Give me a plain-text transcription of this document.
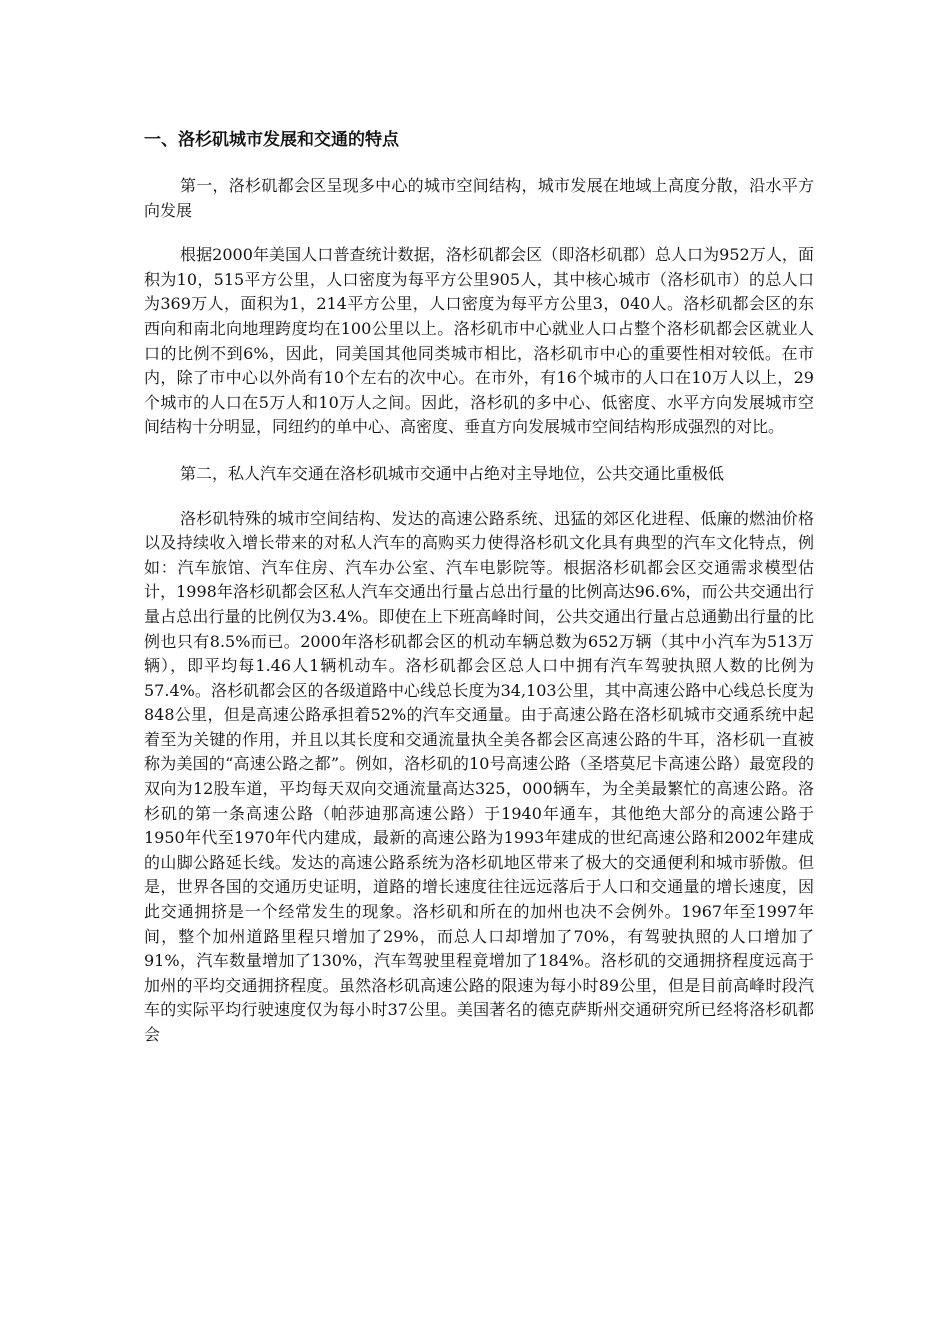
一、洛杉矶城市发展和交通的特点

第一，洛杉矶都会区呈现多中心的城市空间结构，城市发展在地域上高度分散，沿水平方向发展

根据2000年美国人口普查统计数据，洛杉矶都会区（即洛杉矶郡）总人口为952万人，面积为10，515平方公里，人口密度为每平方公里905人，其中核心城市（洛杉矶市）的总人口为369万人，面积为1，214平方公里，人口密度为每平方公里3，040人。洛杉矶都会区的东西向和南北向地理跨度均在100公里以上。洛杉矶市中心就业人口占整个洛杉矶都会区就业人口的比例不到6%，因此，同美国其他同类城市相比，洛杉矶市中心的重要性相对较低。在市内，除了市中心以外尚有10个左右的次中心。在市外，有16个城市的人口在10万人以上，29个城市的人口在5万人和10万人之间。因此，洛杉矶的多中心、低密度、水平方向发展城市空间结构十分明显，同纽约的单中心、高密度、垂直方向发展城市空间结构形成强烈的对比。

第二，私人汽车交通在洛杉矶城市交通中占绝对主导地位，公共交通比重极低

洛杉矶特殊的城市空间结构、发达的高速公路系统、迅猛的郊区化进程、低廉的燃油价格以及持续收入增长带来的对私人汽车的高购买力使得洛杉矶文化具有典型的汽车文化特点，例如：汽车旅馆、汽车住房、汽车办公室、汽车电影院等。根据洛杉矶都会区交通需求模型估计，1998年洛杉矶都会区私人汽车交通出行量占总出行量的比例高达96.6%，而公共交通出行量占总出行量的比例仅为3.4%。即使在上下班高峰时间，公共交通出行量占总通勤出行量的比例也只有8.5%而已。2000年洛杉矶都会区的机动车辆总数为652万辆（其中小汽车为513万辆），即平均每1.46人1辆机动车。洛杉矶都会区总人口中拥有汽车驾驶执照人数的比例为57.4%。洛杉矶都会区的各级道路中心线总长度为34,103公里，其中高速公路中心线总长度为848公里，但是高速公路承担着52%的汽车交通量。由于高速公路在洛杉矶城市交通系统中起着至为关键的作用，并且以其长度和交通流量执全美各都会区高速公路的牛耳，洛杉矶一直被称为美国的“高速公路之都”。例如，洛杉矶的10号高速公路（圣塔莫尼卡高速公路）最宽段的双向为12股车道，平均每天双向交通流量高达325，000辆车，为全美最繁忙的高速公路。洛杉矶的第一条高速公路（帕莎迪那高速公路）于1940年通车，其他绝大部分的高速公路于1950年代至1970年代内建成，最新的高速公路为1993年建成的世纪高速公路和2002年建成的山脚公路延长线。发达的高速公路系统为洛杉矶地区带来了极大的交通便利和城市骄傲。但是，世界各国的交通历史证明，道路的增长速度往往远远落后于人口和交通量的增长速度，因此交通拥挤是一个经常发生的现象。洛杉矶和所在的加州也决不会例外。1967年至1997年间，整个加州道路里程只增加了29%，而总人口却增加了70%，有驾驶执照的人口增加了91%，汽车数量增加了130%，汽车驾驶里程竟增加了184%。洛杉矶的交通拥挤程度远高于加州的平均交通拥挤程度。虽然洛杉矶高速公路的限速为每小时89公里，但是目前高峰时段汽车的实际平均行驶速度仅为每小时37公里。美国著名的德克萨斯州交通研究所已经将洛杉矶都会
